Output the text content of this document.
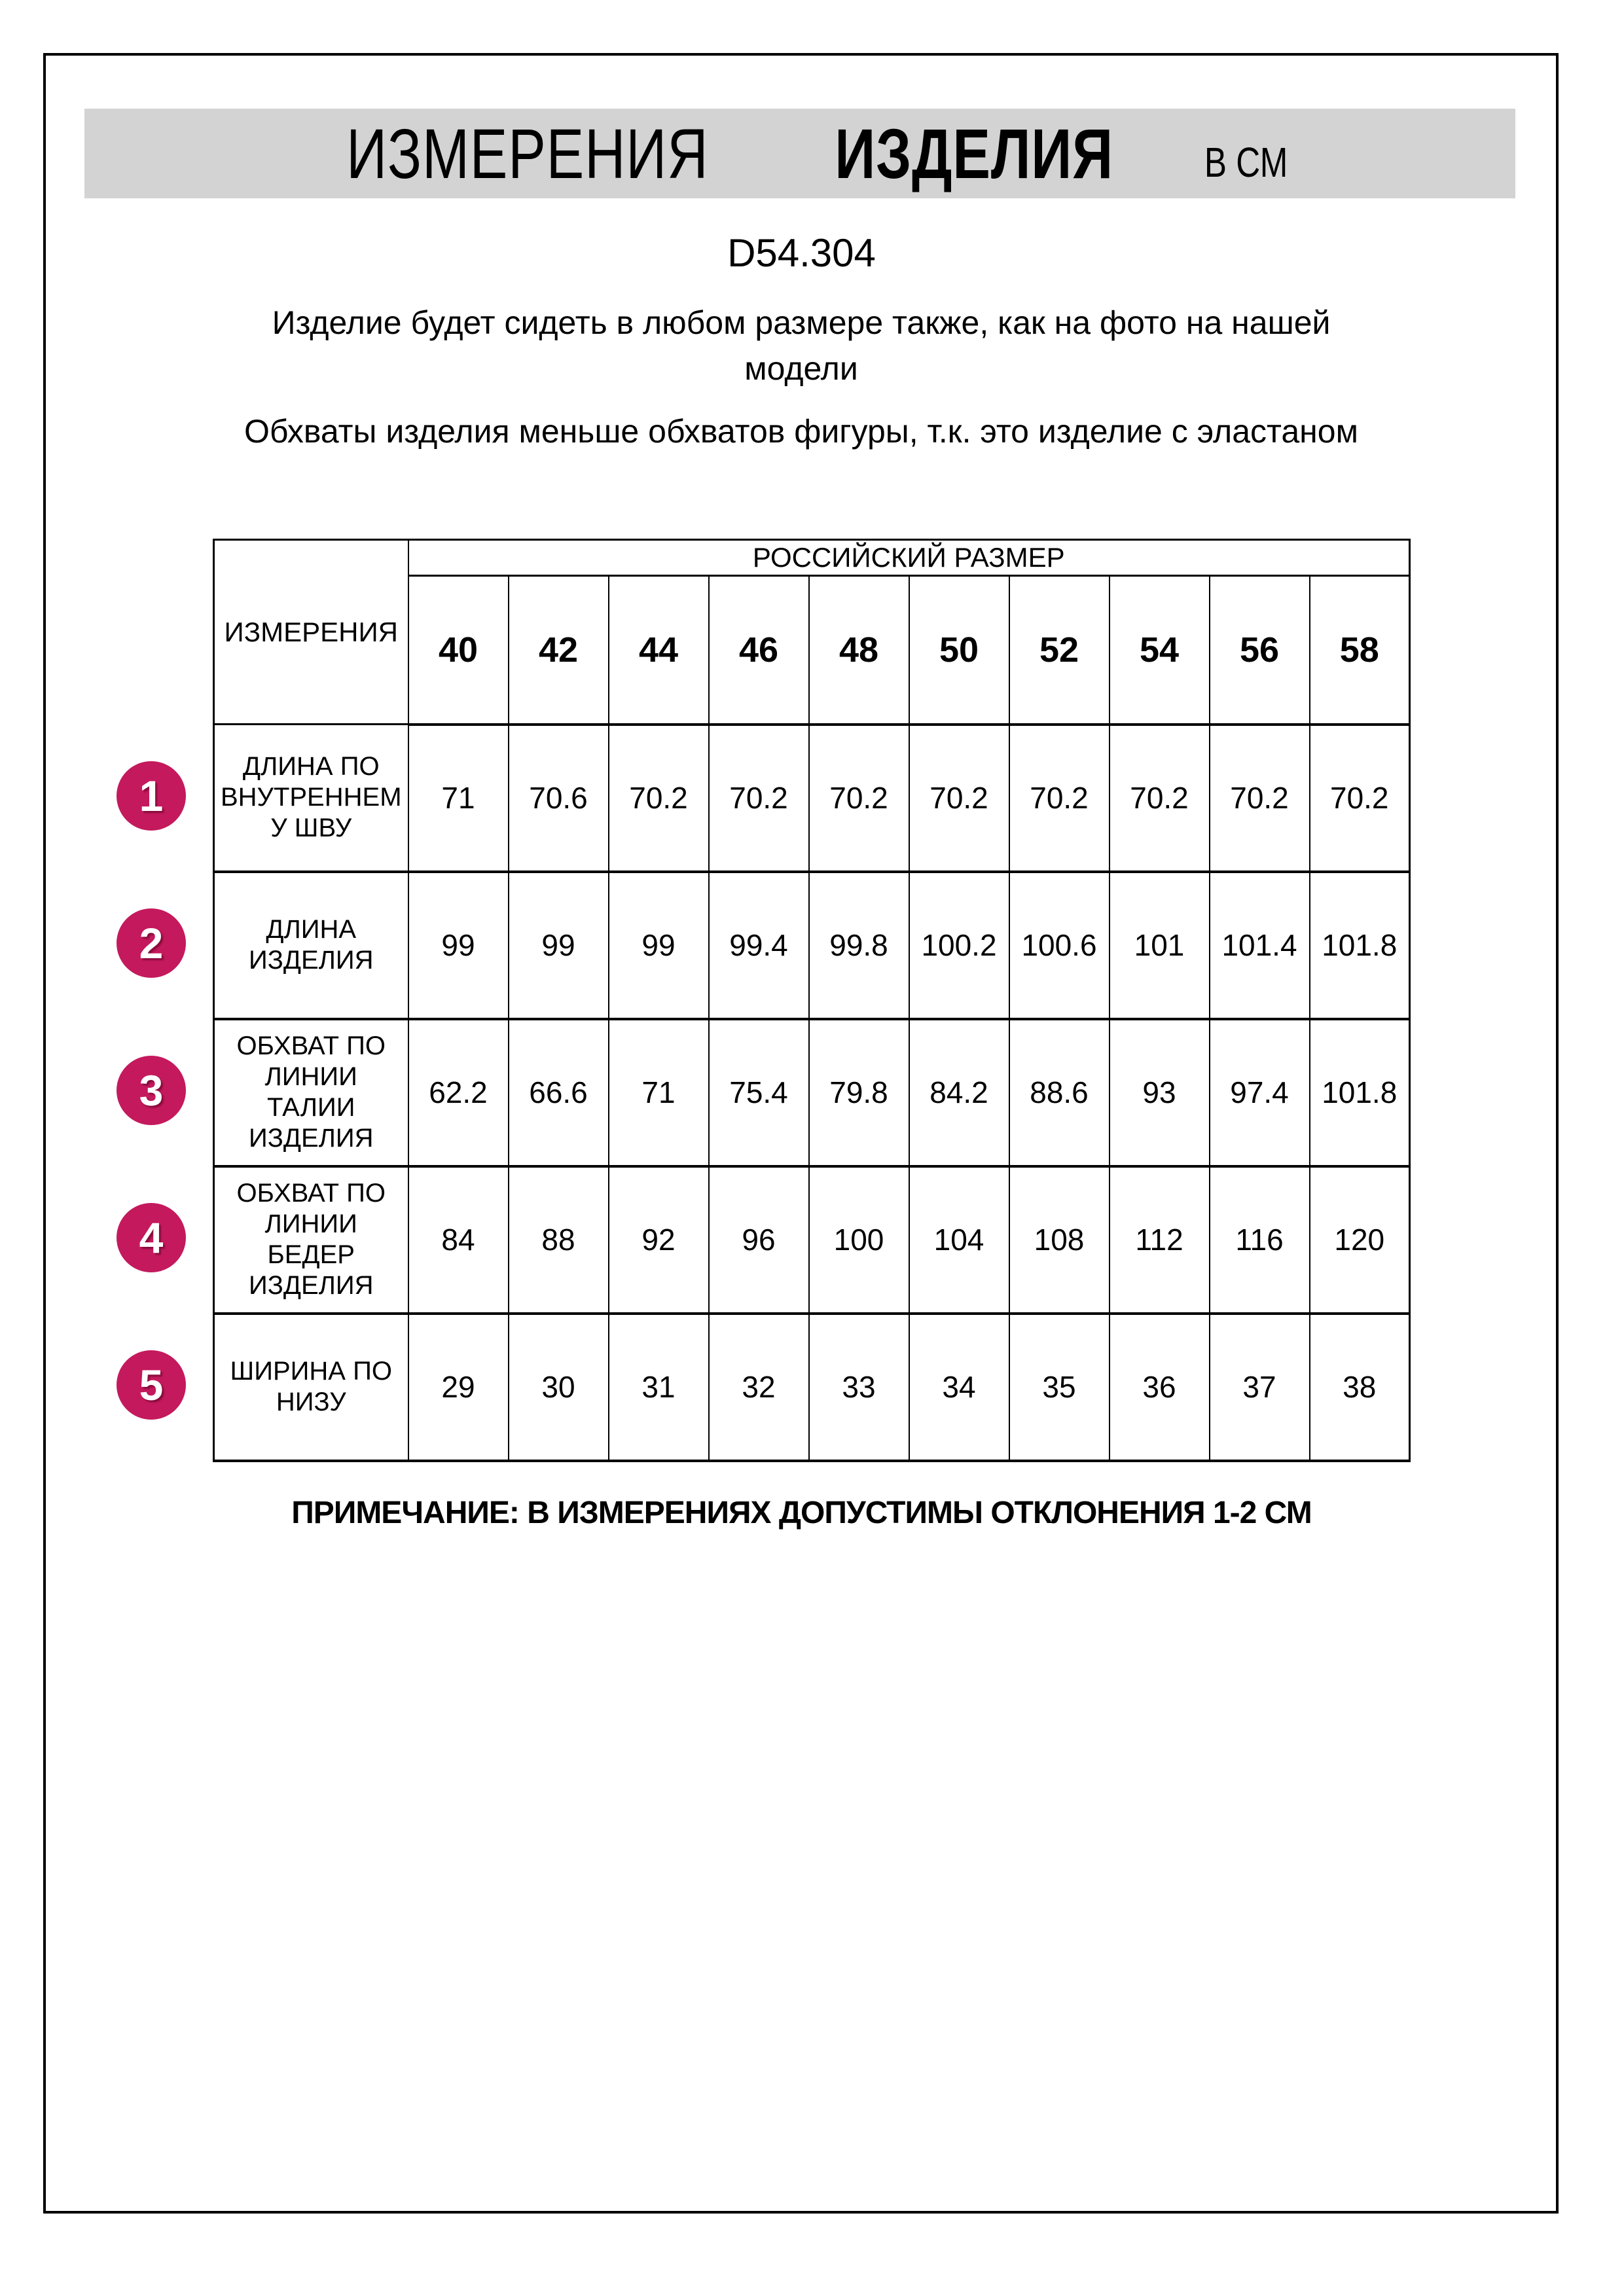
ИЗМЕРЕНИЯ ИЗДЕЛИЯ В СМ
D54.304
Изделие будет сидеть в любом размере также, как на фото на нашей модели
Обхваты изделия меньше обхватов фигуры, т.к. это изделие с эластаном
ИЗМЕРЕНИЯ	РОССИЙСКИЙ РАЗМЕР									
	40	42	44	46	48	50	52	54	56	58
ДЛИНА ПО ВНУТРЕННЕМУ ШВУ	71	70.6	70.2	70.2	70.2	70.2	70.2	70.2	70.2	70.2
ДЛИНА ИЗДЕЛИЯ	99	99	99	99.4	99.8	100.2	100.6	101	101.4	101.8
ОБХВАТ ПО ЛИНИИ ТАЛИИ ИЗДЕЛИЯ	62.2	66.6	71	75.4	79.8	84.2	88.6	93	97.4	101.8
ОБХВАТ ПО ЛИНИИ БЕДЕР ИЗДЕЛИЯ	84	88	92	96	100	104	108	112	116	120
ШИРИНА ПО НИЗУ	29	30	31	32	33	34	35	36	37	38
1
2
3
4
5
ПРИМЕЧАНИЕ: В ИЗМЕРЕНИЯХ ДОПУСТИМЫ ОТКЛОНЕНИЯ 1-2 СМ
